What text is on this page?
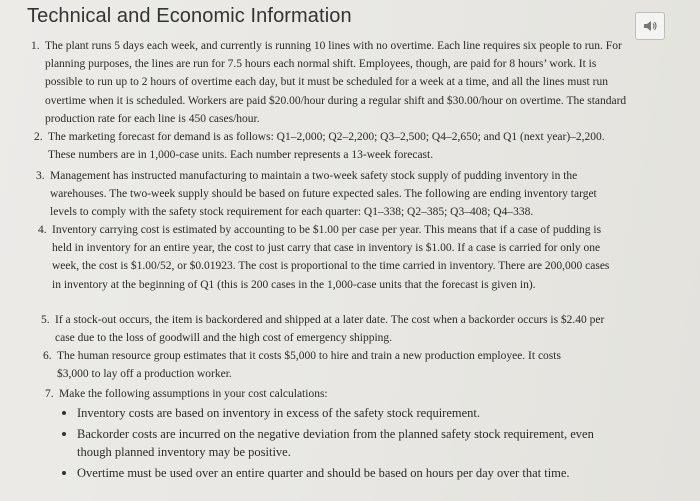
Technical and Economic Information
1. The plant runs 5 days each week, and currently is running 10 lines with no overtime. Each line requires six people to run. For planning purposes, the lines are run for 7.5 hours each normal shift. Employees, though, are paid for 8 hours’ work. It is possible to run up to 2 hours of overtime each day, but it must be scheduled for a week at a time, and all the lines must run overtime when it is scheduled. Workers are paid $20.00/hour during a regular shift and $30.00/hour on overtime. The standard production rate for each line is 450 cases/hour.
2. The marketing forecast for demand is as follows: Q1–2,000; Q2–2,200; Q3–2,500; Q4–2,650; and Q1 (next year)–2,200. These numbers are in 1,000-case units. Each number represents a 13-week forecast.
3. Management has instructed manufacturing to maintain a two-week safety stock supply of pudding inventory in the warehouses. The two-week supply should be based on future expected sales. The following are ending inventory target levels to comply with the safety stock requirement for each quarter: Q1–338; Q2–385; Q3–408; Q4–338.
4. Inventory carrying cost is estimated by accounting to be $1.00 per case per year. This means that if a case of pudding is held in inventory for an entire year, the cost to just carry that case in inventory is $1.00. If a case is carried for only one week, the cost is $1.00/52, or $0.01923. The cost is proportional to the time carried in inventory. There are 200,000 cases in inventory at the beginning of Q1 (this is 200 cases in the 1,000-case units that the forecast is given in).
5. If a stock-out occurs, the item is backordered and shipped at a later date. The cost when a backorder occurs is $2.40 per case due to the loss of goodwill and the high cost of emergency shipping.
6. The human resource group estimates that it costs $5,000 to hire and train a new production employee. It costs $3,000 to lay off a production worker.
7. Make the following assumptions in your cost calculations:
Inventory costs are based on inventory in excess of the safety stock requirement.
Backorder costs are incurred on the negative deviation from the planned safety stock requirement, even though planned inventory may be positive.
Overtime must be used over an entire quarter and should be based on hours per day over that time.
